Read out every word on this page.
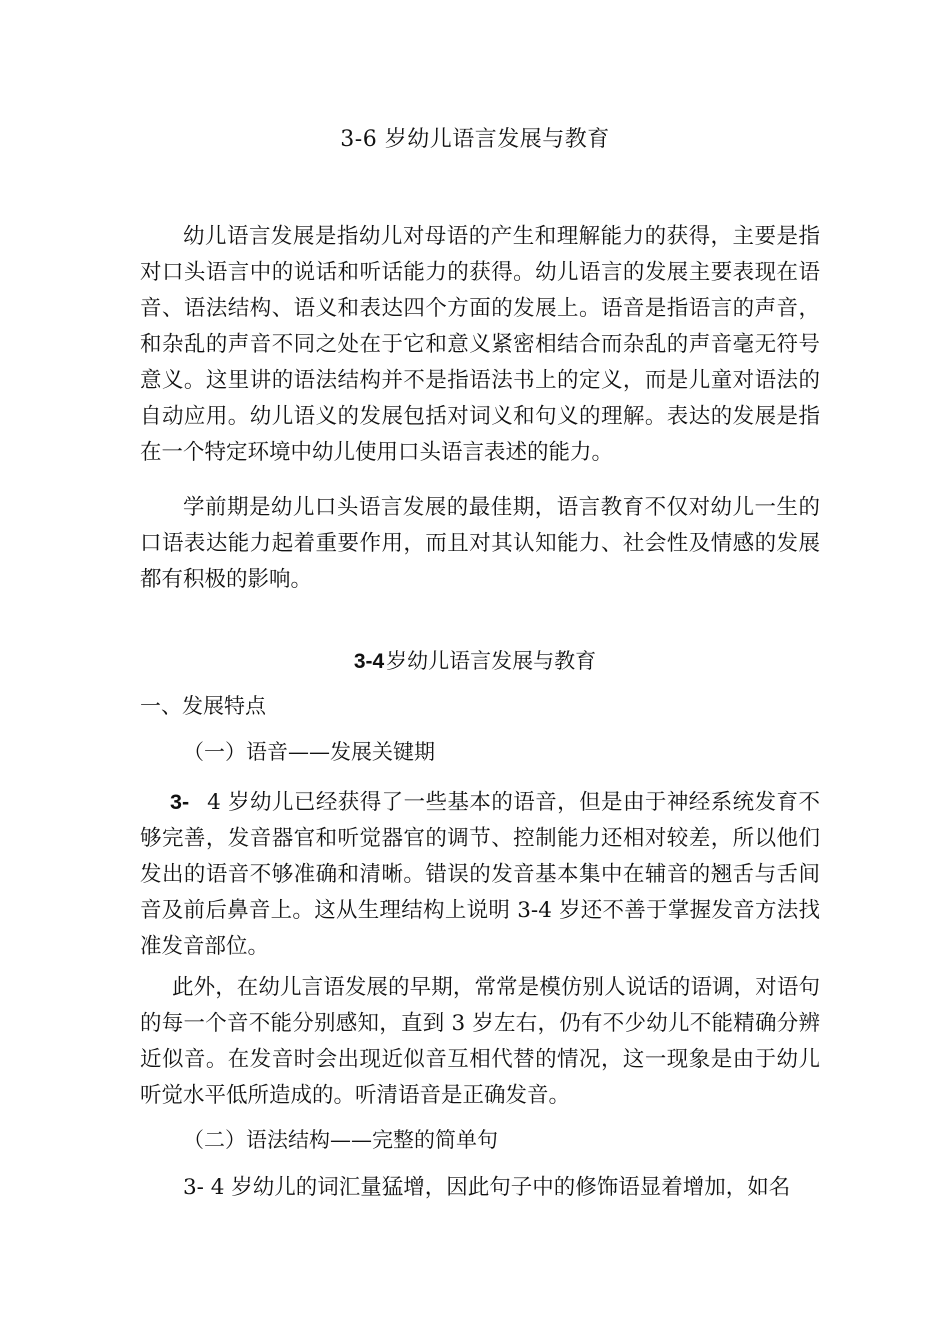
3-6 岁幼儿语言发展与教育

幼儿语言发展是指幼儿对母语的产生和理解能力的获得，主要是指对口头语言中的说话和听话能力的获得。幼儿语言的发展主要表现在语音、语法结构、语义和表达四个方面的发展上。语音是指语言的声音，和杂乱的声音不同之处在于它和意义紧密相结合而杂乱的声音毫无符号意义。这里讲的语法结构并不是指语法书上的定义，而是儿童对语法的自动应用。幼儿语义的发展包括对词义和句义的理解。表达的发展是指在一个特定环境中幼儿使用口头语言表述的能力。

学前期是幼儿口头语言发展的最佳期，语言教育不仅对幼儿一生的口语表达能力起着重要作用，而且对其认知能力、社会性及情感的发展都有积极的影响。

3-4岁幼儿语言发展与教育

一、发展特点

（一）语音——发展关键期

3- 4 岁幼儿已经获得了一些基本的语音，但是由于神经系统发育不够完善，发音器官和听觉器官的调节、控制能力还相对较差，所以他们发出的语音不够准确和清晰。错误的发音基本集中在辅音的翘舌与舌间音及前后鼻音上。这从生理结构上说明 3-4 岁还不善于掌握发音方法找准发音部位。

此外，在幼儿言语发展的早期，常常是模仿别人说话的语调，对语句的每一个音不能分别感知，直到 3 岁左右，仍有不少幼儿不能精确分辨近似音。在发音时会出现近似音互相代替的情况，这一现象是由于幼儿听觉水平低所造成的。听清语音是正确发音。

（二）语法结构——完整的简单句

3- 4 岁幼儿的词汇量猛增，因此句子中的修饰语显着增加，如名
